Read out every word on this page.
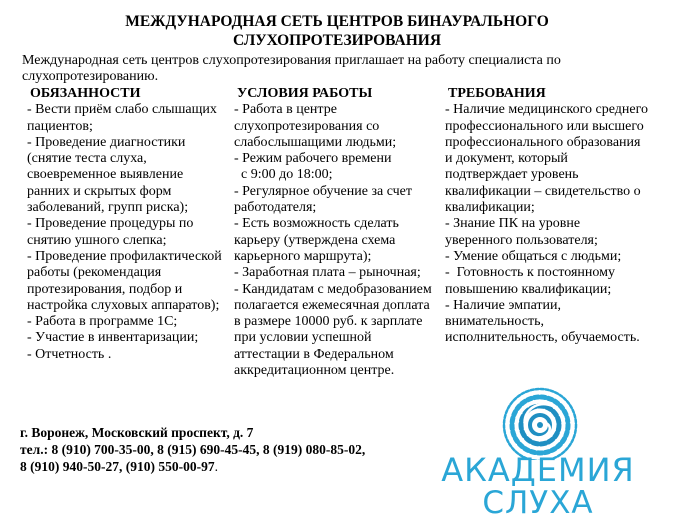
МЕЖДУНАРОДНАЯ СЕТЬ ЦЕНТРОВ БИНАУРАЛЬНОГО СЛУХОПРОТЕЗИРОВАНИЯ
Международная сеть центров слухопротезирования приглашает на работу специалиста по слухопротезированию.
ОБЯЗАННОСТИ
- Вести приём слабо слышащих пациентов;
- Проведение диагностики (снятие теста слуха, своевременное выявление ранних и скрытых форм заболеваний, групп риска);
- Проведение процедуры по снятию ушного слепка;
- Проведение профилактической работы (рекомендация протезирования, подбор и настройка слуховых аппаратов);
- Работа в программе 1С;
- Участие в инвентаризации;
- Отчетность .
УСЛОВИЯ РАБОТЫ
- Работа в центре слухопротезирования со слабослышащими людьми;
- Режим рабочего времени
с 9:00 до 18:00;
- Регулярное обучение за счет работодателя;
- Есть возможность сделать карьеру (утверждена схема карьерного маршрута);
- Заработная плата – рыночная;
- Кандидатам с медобразованием полагается ежемесячная доплата в размере 10000 руб. к зарплате при условии успешной аттестации в Федеральном аккредитационном центре.
ТРЕБОВАНИЯ
- Наличие медицинского среднего профессионального или высшего профессионального образования и документ, который подтверждает уровень квалификации – свидетельство о квалификации;
- Знание ПК на уровне уверенного пользователя;
- Умение общаться с людьми;
-  Готовность к постоянному повышению квалификации;
- Наличие эмпатии, внимательность, исполнительность, обучаемость.
г. Воронеж, Московский проспект, д. 7
тел.: 8 (910) 700-35-00, 8 (915) 690-45-45, 8 (919) 080-85-02,
8 (910) 940-50-27, (910) 550-00-97.	АКАДЕМИЯ
СЛУХА
